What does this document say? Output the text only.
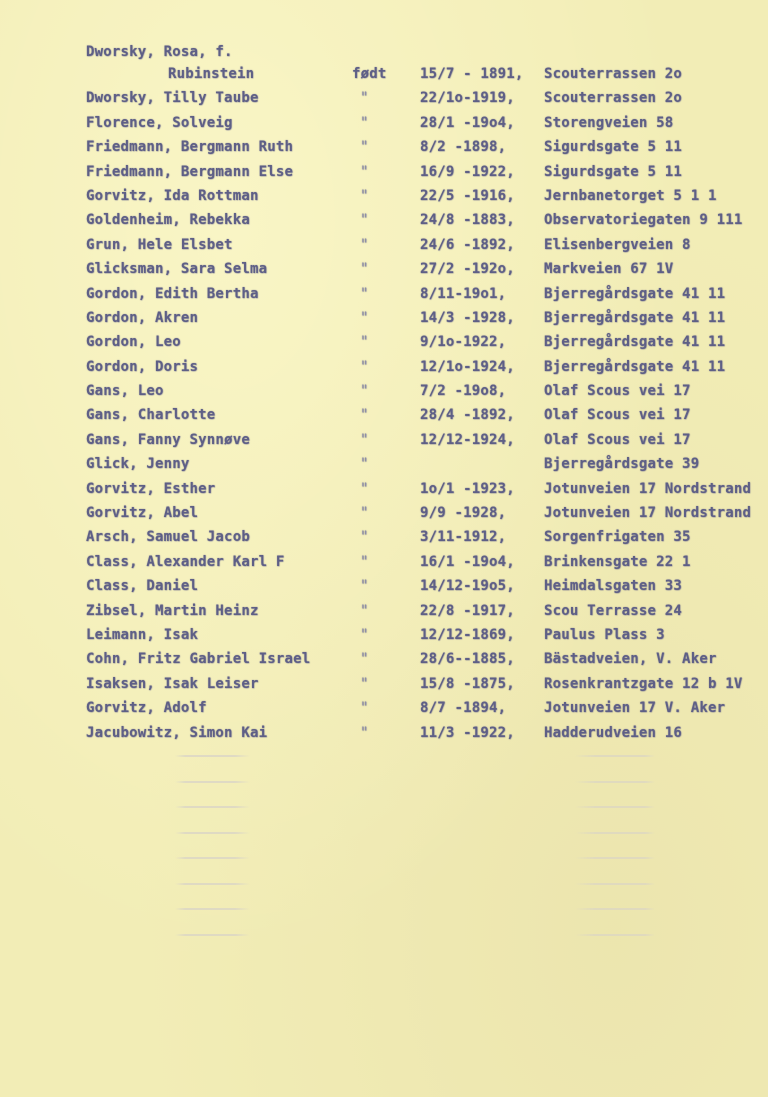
Dworsky, Rosa, f.
Rubinstein	født 15/7 - 1891, Scouterrassen 2o
Dworsky, Tilly Taube	"	22/1o-1919, Scouterrassen 2o
Florence, Solveig	"	28/1 -19o4, Storengveien 58
Friedmann, Bergmann Ruth	"	8/2 -1898,	Sigurdsgate 5 11
Friedmann, Bergmann Else	"	16/9 -1922, Sigurdsgate 5 11
Gorvitz, Ida Rottman	"	22/5 -1916, Jernbanetorget 5 1 1
Goldenheim, Rebekka	"	24/8 -1883, Observatoriegaten 9 111
Grun, Hele Elsbet	"	24/6 -1892, Elisenbergveien 8
Glicksman, Sara Selma	"	27/2 -192o, Markveien 67 1V
Gordon, Edith Bertha	"	8/11-19o1,	Bjerregårdsgate 41 11
Gordon, Akren	"	14/3 -1928, Bjerregårdsgate 41 11
Gordon, Leo	"	9/1o-1922,	Bjerregårdsgate 41 11
Gordon, Doris	"	12/1o-1924, Bjerregårdsgate 41 11
Gans, Leo	"	7/2 -19o8,	Olaf Scous vei 17
Gans, Charlotte	"	28/4 -1892, Olaf Scous vei 17
Gans, Fanny Synnøve	"	12/12-1924, Olaf Scous vei 17
Glick, Jenny	"	Bjerregårdsgate 39
Gorvitz, Esther	"	1o/1 -1923, Jotunveien 17 Nordstrand
Gorvitz, Abel	"	9/9 -1928,	Jotunveien 17 Nordstrand
Arsch, Samuel Jacob	"	3/11-1912,	Sorgenfrigaten 35
Class, Alexander Karl F	"	16/1 -19o4, Brinkensgate 22 1
Class, Daniel	"	14/12-19o5, Heimdalsgaten 33
Zibsel, Martin Heinz	"	22/8 -1917, Scou Terrasse 24
Leimann, Isak	"	12/12-1869, Paulus Plass 3
Cohn, Fritz Gabriel Israel	"	28/6--1885, Bästadveien, V. Aker
Isaksen, Isak Leiser	"	15/8 -1875, Rosenkrantzgate 12 b 1V
Gorvitz, Adolf	"	8/7 -1894,	Jotunveien 17 V. Aker
Jacubowitz, Simon Kai	"	11/3 -1922, Hadderudveien 16
